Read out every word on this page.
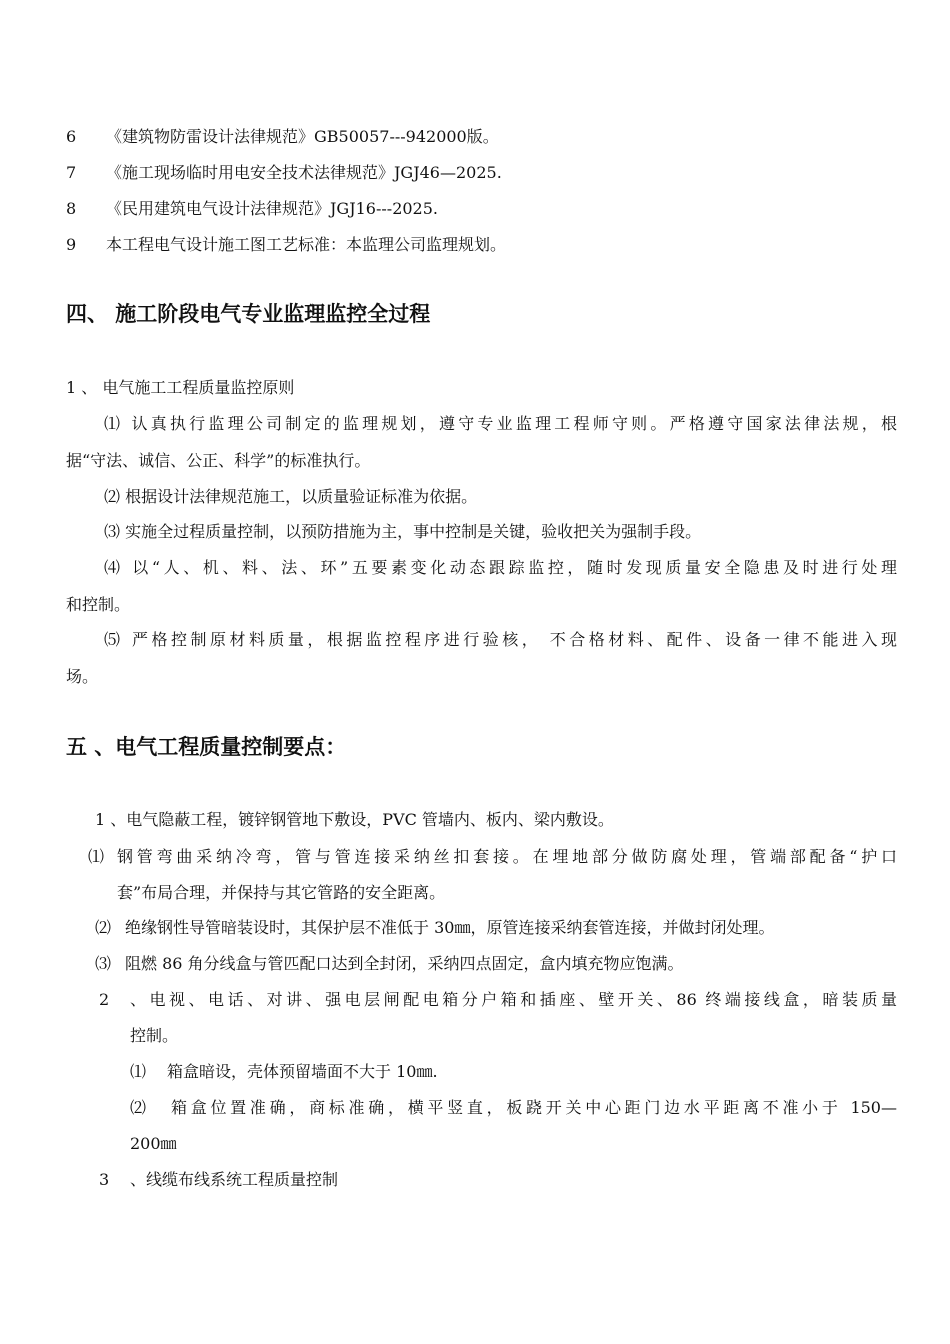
6 《建筑物防雷设计法律规范》GB50057---942000版。
7 《施工现场临时用电安全技术法律规范》JGJ46—2025.
8 《民用建筑电气设计法律规范》JGJ16---2025.
9 本工程电气设计施工图工艺标准：本监理公司监理规划。
四、 施工阶段电气专业监理监控全过程
1 、 电气施工工程质量监控原则
⑴ 认真执行监理公司制定的监理规划，遵守专业监理工程师守则。严格遵守国家法律法规，根
据“守法、诚信、公正、科学”的标准执行。
⑵ 根据设计法律规范施工，以质量验证标准为依据。
⑶ 实施全过程质量控制，以预防措施为主，事中控制是关键，验收把关为强制手段。
⑷ 以“人、机、料、法、环”五要素变化动态跟踪监控，随时发现质量安全隐患及时进行处理
和控制。
⑸ 严格控制原材料质量，根据监控程序进行验核， 不合格材料、配件、设备一律不能进入现
场。
五 、电气工程质量控制要点：
1 、电气隐蔽工程，镀锌钢管地下敷设，PVC 管墙内、板内、梁内敷设。
⑴ 钢管弯曲采纳冷弯，管与管连接采纳丝扣套接。在埋地部分做防腐处理，管端部配备“护口
套”布局合理，并保持与其它管路的安全距离。
⑵ 绝缘钢性导管暗装设时，其保护层不准低于 30㎜，原管连接采纳套管连接，并做封闭处理。
⑶ 阻燃 86 角分线盒与管匹配口达到全封闭，采纳四点固定，盒内填充物应饱满。
2 、电视、电话、对讲、强电层闸配电箱分户箱和插座、壁开关、86 终端接线盒，暗装质量
控制。
⑴ 箱盒暗设，壳体预留墙面不大于 10㎜.
⑵ 箱盒位置准确，商标准确，横平竖直，板跷开关中心距门边水平距离不准小于 150—
200㎜
3 、线缆布线系统工程质量控制
